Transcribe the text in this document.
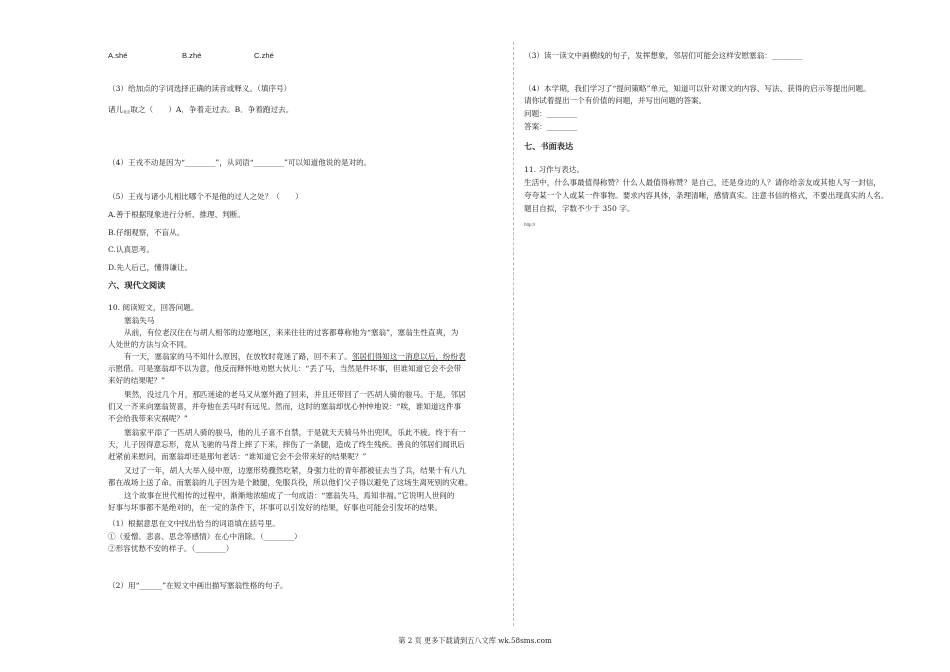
A.shé	B.zhé	C.zhé
（3）给加点的字词选择正确的读音或释义。（填序号）
诸儿竞走取之（　　）A．争着走过去。B．争着跑过去。
（4）王戎不动是因为“________”，从词语“________”可以知道他说的是对的。
（5）王戎与诸小儿相比哪个不是他的过人之处？（　　）
A.善于根据现象进行分析、推理、判断。
B.仔细观察，不盲从。
C.认真思考。
D.先人后己，懂得谦让。
六、现代文阅读
10. 阅读短文，回答问题。
塞翁失马
从前，有位老汉住在与胡人相邻的边塞地区，来来往往的过客都尊称他为“塞翁”，塞翁生性直爽，为
人处世的方法与众不同。
有一天，塞翁家的马不知什么原因，在放牧时竟迷了路，回不来了。邻居们得知这一消息以后，纷纷表
示慰借。可是塞翁却不以为意，他反而释怀地劝慰大伙儿：“丢了马，当然是件坏事，但谁知道它会不会带
来好的结果呢？”
果然，没过几个月，那匹迷途的老马又从塞外跑了回来，并且还带回了一匹胡人骑的骏马。于是，邻居
们又一齐来向塞翁贺喜，并夸他在丢马时有远见。然而，这时的塞翁却忧心忡忡地说：“唉，谁知道这件事
不会给我带来灾祸呢？”
塞翁家平添了一匹胡人骑的骏马，他的儿子喜不自禁，于是就天天骑马外出兜风，乐此不疲。终于有一
天，儿子因得意忘形，竟从飞驰的马背上摔了下来，摔伤了一条腿，造成了终生残疾。善良的邻居们闻讯后
赶紧前来慰问，而塞翁却还是那句老话：“谁知道它会不会带来好的结果呢？”
又过了一年，胡人大举入侵中原，边塞形势骤然吃紧，身强力壮的青年都被征去当了兵，结果十有八九
都在战场上送了命。而塞翁的儿子因为是个跛腿，免服兵役，所以他们父子得以避免了这场生离死别的灾难。
这个故事在世代相传的过程中，渐渐地浓缩成了一句成语：“塞翁失马，焉知非福。”它说明人世间的
好事与坏事都不是绝对的，在一定的条件下，坏事可以引发好的结果，好事也可能会引发坏的结果。
（1）根据意思在文中找出恰当的词语填在括号里。
①（爱憎、悲喜、思念等感情）在心中消除。（________）
②形容忧愁不安的样子。（________）
（2）用“______”在短文中画出描写塞翁性格的句子。
（3）读一读文中画横线的句子，发挥想象，邻居们可能会这样安慰塞翁：________
（4）本学期，我们学习了“提问策略”单元，知道可以针对课文的内容、写法、获得的启示等提出问题。
请你试着提出一个有价值的问题，并写出问题的答案。
问题：________
答案：________
七、书面表达
11. 习作与表达。
生活中，什么事最值得称赞？什么人最值得称赞？是自己，还是身边的人？请你给亲友或其他人写一封信，
夸夸某一个人或某一件事物。要求内容具体，条理清晰，感情真实。注意书信的格式，不要出现真实的人名。
题目自拟，字数不少于 350 字。
http://
第 2 页 更多下载请到五八文库 wk.58sms.com
